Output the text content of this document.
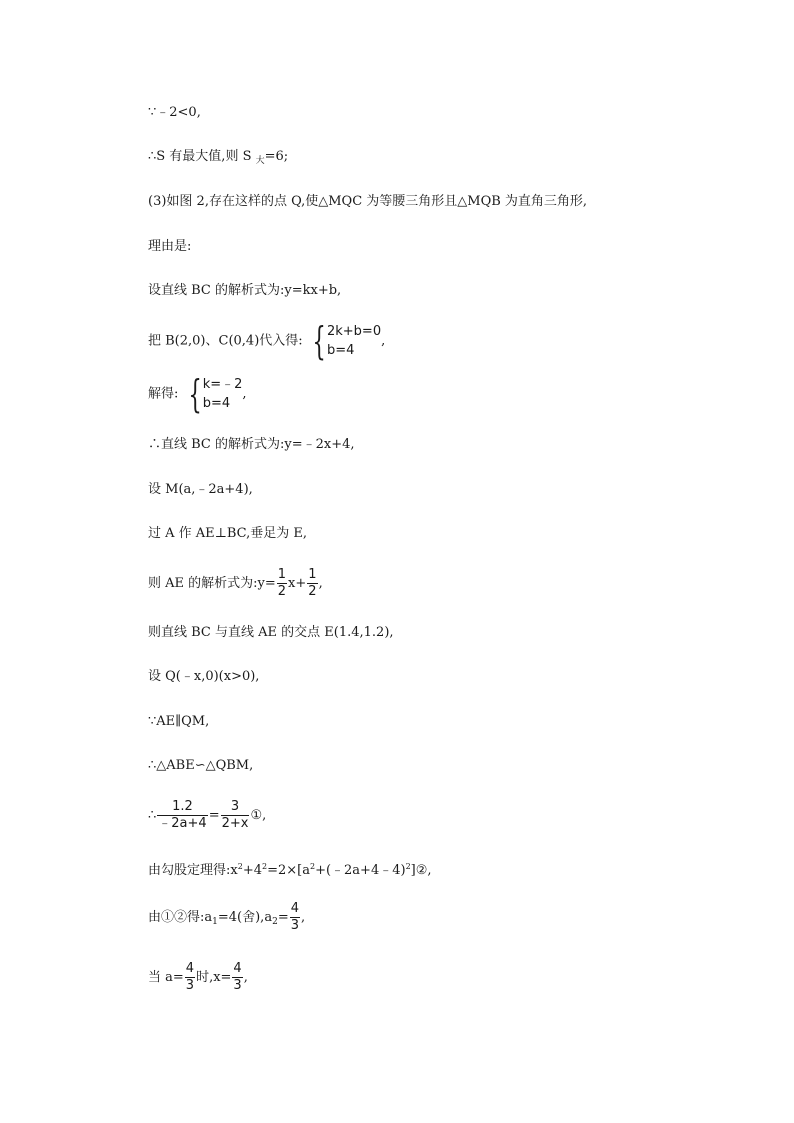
∵﹣2<0,
∴S 有最大值,则 S $_大$=6;
(3)如图 2,存在这样的点 Q,使△MQC 为等腰三角形且△MQB 为直角三角形,
理由是:
设直线 BC 的解析式为:y=kx+b,
把 B(2,0)、C(0,4)代入得: { 2k+b=0
b=4
,
解得: { k=﹣2
b=4
,
∴直线 BC 的解析式为:y=﹣2x+4,
设 M(a,﹣2a+4),
过 A 作 AE⊥BC,垂足为 E,
则 AE 的解析式为:y= $\frac{1}{2} x+ \frac{1}{2}$ ,
则直线 BC 与直线 AE 的交点 E(1.4,1.2),
设 Q(﹣x,0)(x>0),
∵AE∥QM,
∴△ABE∽△QBM,
∴ $\frac{1.2}{﹣2a+4} = \frac{3}{2+x}$ ①,
由勾股定理得$:x^2+4^2=2\times[a^2+(﹣2a+4﹣4)^2]②$,
由①②得$:a_1=4$(舍)$,a_2= \frac{4}{3}$ ,
当 $a= \frac{4}{3}$ 时$,x= \frac{4}{3}$ ,
